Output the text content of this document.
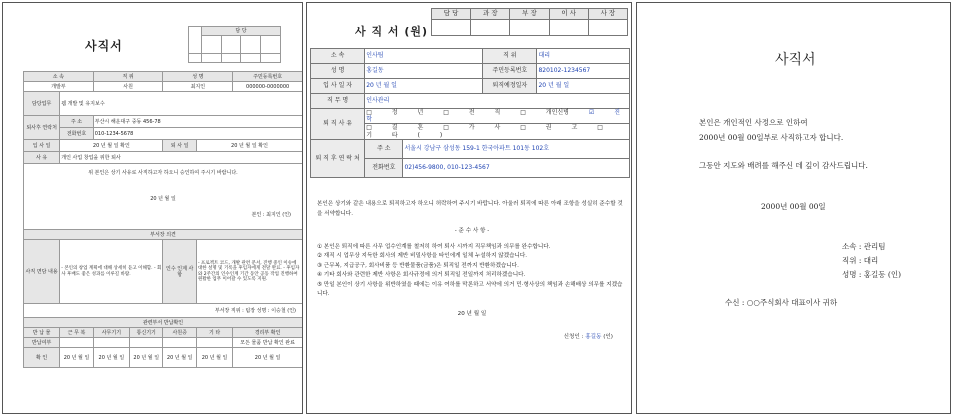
사직서
	담 당			

소 속		직 위		성 명		주민등록번호
개발부		사원		최지인		000000-0000000
담당업무	웹 개발 및 유지보수					
퇴사후 연락처	주 소	부산시 해운대구 중동 456-78				
	전화번호	010-1234-5678				
입 사 일	20 년 월 일 확인			퇴 사 일	20 년 월 일 확인	
사 유	개인 사업 창업을 위한 퇴사					

위 본인은 상기 사유로 사직하고자 하오니 승인하여 주시기 바랍니다.
20 년 월 일
본인 : 최지인 (인)						

부서장 의견						
사직 면담 내용	- 본인의 창업 계획에 대해 상세히 듣고 이해함. - 회사 후배도 좋은 성과를 이루길 바람.			인수 인계 사항	- 프로젝트 코드, 개발 관련 문서, 진행 중인 이슈에 대한 설명 및 기록을 후임자에게 전달 완료. - 후임자와 2주간의 인수인계 기간 동안 공동 작업 진행하여 원활한 업무 이어갈 수 있도록 지원.	
부서장 직위 : 팀장 성명 : 이승철 (인)						
관련부서 반납확인						
반 납 물	근 무 복	사무기기	통신기기	사원증	기 타	경리부 확인
반납여부						모든 물품 반납 확인 완료
확 인	20 년 월 일	20 년 월 일	20 년 월 일	20 년 월 일	20 년 월 일	20 년 월 일
담 당	과 장	부 장	이 사	사 장

사 직 서 (원)
소 속	인사팀		직 위	대리
성 명	홍길동		주민등록번호	820102-1234567
입 사 일 자	20 년 월 일		퇴직예정일자	20 년 월 일
직 무 명	인사관리			
퇴 직 사 유	□ 정 년 □ 전 직 □ 개인신병 ☑ 진 학			
	□ 결 혼 □ 가 사 □ 권 고 □ 기 타 ( )			
퇴 직 후 연 락 처	주 소	서울시 강남구 삼성동 159-1 한국아파트 101동 102호		
	전화번호	02)456-9800, 010-123-4567		

본인은 상기와 같은 내용으로 퇴직하고자 하오니 허락하여 주시기 바랍니다. 아울러 퇴직에 따른 아래 조항을 성실히 준수할 것을 서약합니다.

- 준 수 사 항 -

① 본인은 퇴직에 따른 사무 업수인계를 철저히 하여 퇴사 시까지 직무책임과 의무를 완수합니다.

② 재직 시 업무상 지득한 회사의 제반 비밀사항을 타인에게 일체 누설하지 않겠습니다.

③ 근무복, 지급공구, 회사비품 등 반환물품(금품)은 퇴직일 전까지 반환하겠습니다.

④ 기타 회사와 관련한 제반 사항은 회사규정에 의거 퇴직일 전일까지 처리하겠습니다.

⑤ 만일 본인이 상기 사항을 위반하였을 때에는 이유 여하를 막론하고 서약에 의거 민·형사상의 책임과 손해배상 의무를 지겠습니다.

20 년 월 일

신청인 : 홍길동 (인)

사직서
본인은 개인적인 사정으로 인하여
2000년 00월 00일부로 사직하고자 합니다.
그동안 지도와 배려를 해주신 데 깊이 감사드립니다.
2000년 00월 00일
소속 : 관리팀
직위 : 대리
성명 : 홍길동 (인)
수신 : ○○주식회사 대표이사 귀하
